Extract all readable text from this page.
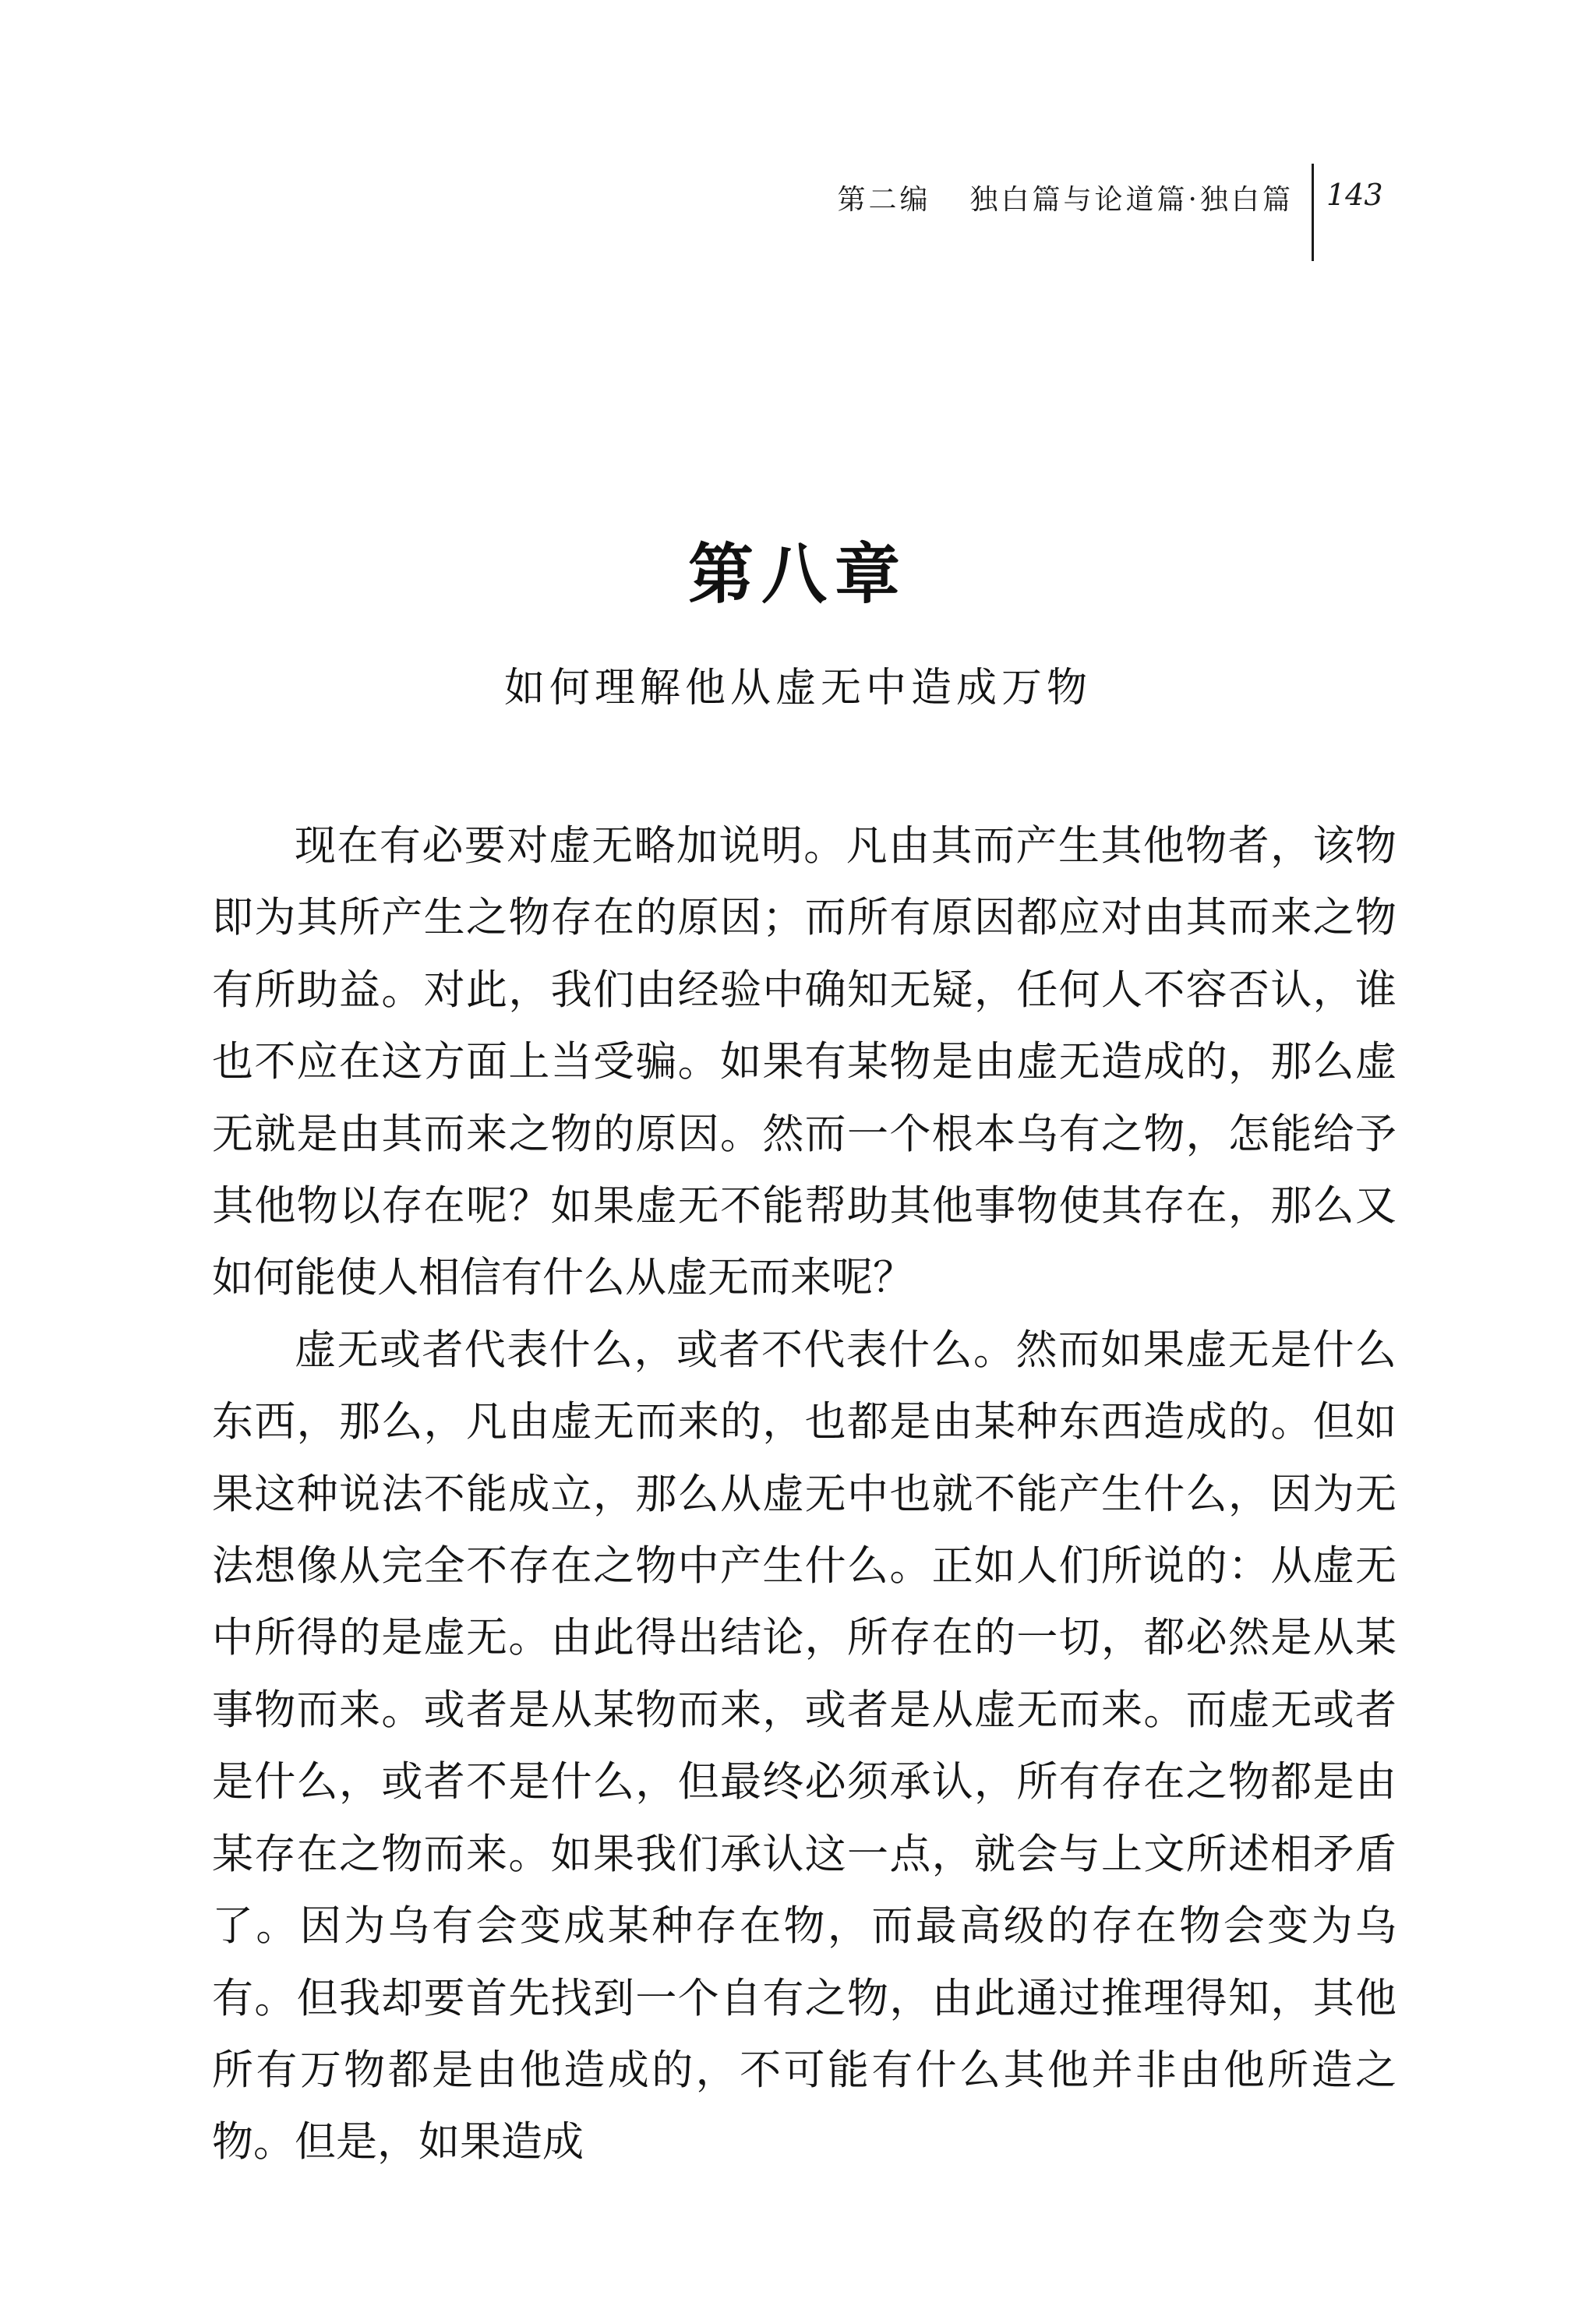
第二编 独白篇与论道篇·独白篇 143
第八章
如何理解他从虚无中造成万物

现在有必要对虚无略加说明。凡由其而产生其他物者，该物即为其所产生之物存在的原因；而所有原因都应对由其而来之物有所助益。对此，我们由经验中确知无疑，任何人不容否认，谁也不应在这方面上当受骗。如果有某物是由虚无造成的，那么虚无就是由其而来之物的原因。然而一个根本乌有之物，怎能给予其他物以存在呢？如果虚无不能帮助其他事物使其存在，那么又如何能使人相信有什么从虚无而来呢？

虚无或者代表什么，或者不代表什么。然而如果虚无是什么东西，那么，凡由虚无而来的，也都是由某种东西造成的。但如果这种说法不能成立，那么从虚无中也就不能产生什么，因为无法想像从完全不存在之物中产生什么。正如人们所说的：从虚无中所得的是虚无。由此得出结论，所存在的一切，都必然是从某事物而来。或者是从某物而来，或者是从虚无而来。而虚无或者是什么，或者不是什么，但最终必须承认，所有存在之物都是由某存在之物而来。如果我们承认这一点，就会与上文所述相矛盾了。因为乌有会变成某种存在物，而最高级的存在物会变为乌有。但我却要首先找到一个自有之物，由此通过推理得知，其他所有万物都是由他造成的，不可能有什么其他并非由他所造之物。但是，如果造成
